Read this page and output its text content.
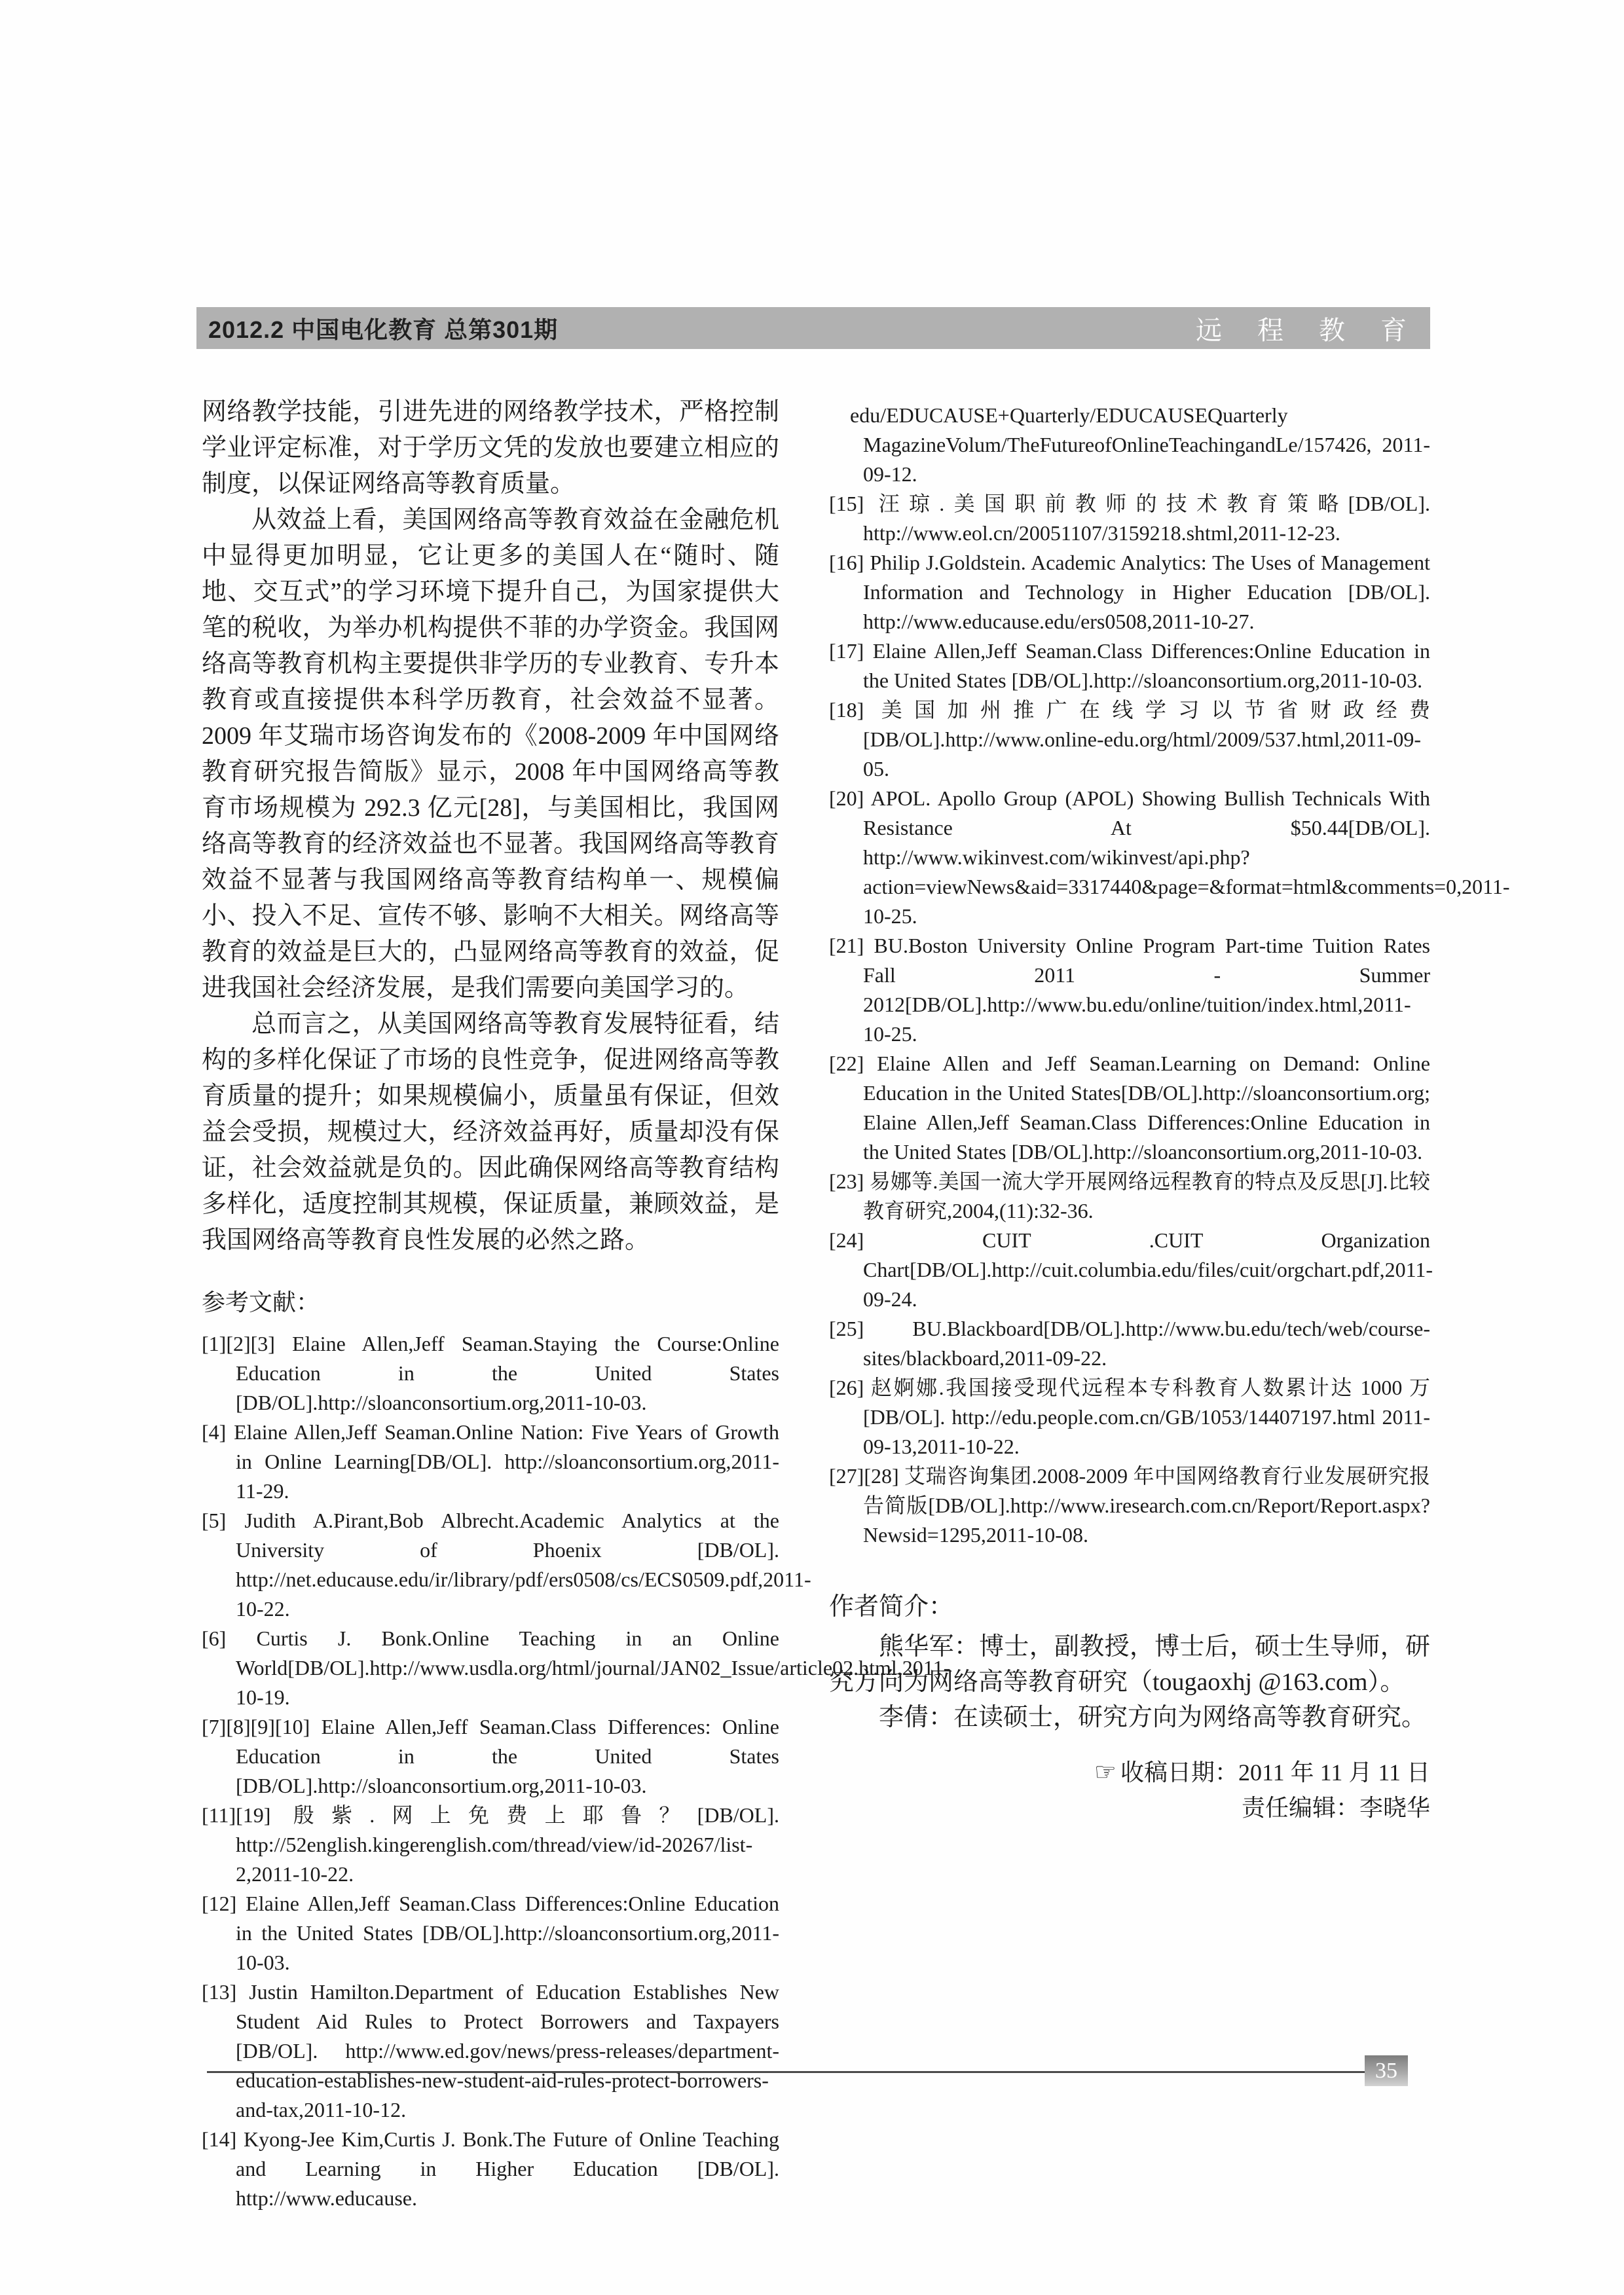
2012.2 中国电化教育 总第301期	远 程 教 育

网络教学技能，引进先进的网络教学技术，严格控制学业评定标准，对于学历文凭的发放也要建立相应的制度，以保证网络高等教育质量。

从效益上看，美国网络高等教育效益在金融危机中显得更加明显，它让更多的美国人在“随时、随地、交互式”的学习环境下提升自己，为国家提供大笔的税收，为举办机构提供不菲的办学资金。我国网络高等教育机构主要提供非学历的专业教育、专升本教育或直接提供本科学历教育，社会效益不显著。2009 年艾瑞市场咨询发布的《2008-2009 年中国网络教育研究报告简版》显示，2008 年中国网络高等教育市场规模为 292.3 亿元[28]，与美国相比，我国网络高等教育的经济效益也不显著。我国网络高等教育效益不显著与我国网络高等教育结构单一、规模偏小、投入不足、宣传不够、影响不大相关。网络高等教育的效益是巨大的，凸显网络高等教育的效益，促进我国社会经济发展，是我们需要向美国学习的。

总而言之，从美国网络高等教育发展特征看，结构的多样化保证了市场的良性竞争，促进网络高等教育质量的提升；如果规模偏小，质量虽有保证，但效益会受损，规模过大，经济效益再好，质量却没有保证，社会效益就是负的。因此确保网络高等教育结构多样化，适度控制其规模，保证质量，兼顾效益，是我国网络高等教育良性发展的必然之路。

参考文献：

[1][2][3] Elaine Allen,Jeff Seaman.Staying the Course:Online Education in the United States [DB/OL].http://sloanconsortium.org,2011-10-03.

[4] Elaine Allen,Jeff Seaman.Online Nation: Five Years of Growth in Online Learning[DB/OL]. http://sloanconsortium.org,2011-11-29.

[5] Judith A.Pirant,Bob Albrecht.Academic Analytics at the University of Phoenix [DB/OL]. http://net.educause.edu/ir/library/pdf/ers0508/cs/ECS0509.pdf,2011-10-22.

[6] Curtis J. Bonk.Online Teaching in an Online World[DB/OL].http://www.usdla.org/html/journal/JAN02_Issue/article02.html,2011-10-19.

[7][8][9][10] Elaine Allen,Jeff Seaman.Class Differences: Online Education in the United States [DB/OL].http://sloanconsortium.org,2011-10-03.

[11][19] 殷紫.网上免费上耶鲁？[DB/OL]. http://52english.kingerenglish.com/thread/view/id-20267/list-2,2011-10-22.

[12] Elaine Allen,Jeff Seaman.Class Differences:Online Education in the United States [DB/OL].http://sloanconsortium.org,2011-10-03.

[13] Justin Hamilton.Department of Education Establishes New Student Aid Rules to Protect Borrowers and Taxpayers [DB/OL]. http://www.ed.gov/news/press-releases/department-education-establishes-new-student-aid-rules-protect-borrowers-and-tax,2011-10-12.

[14] Kyong-Jee Kim,Curtis J. Bonk.The Future of Online Teaching and Learning in Higher Education [DB/OL]. http://www.educause.

edu/EDUCAUSE+Quarterly/EDUCAUSEQuarterly MagazineVolum/TheFutureofOnlineTeachingandLe/157426, 2011-09-12.

[15] 汪琼.美国职前教师的技术教育策略[DB/OL]. http://www.eol.cn/20051107/3159218.shtml,2011-12-23.

[16] Philip J.Goldstein. Academic Analytics: The Uses of Management Information and Technology in Higher Education [DB/OL]. http://www.educause.edu/ers0508,2011-10-27.

[17] Elaine Allen,Jeff Seaman.Class Differences:Online Education in the United States [DB/OL].http://sloanconsortium.org,2011-10-03.

[18] 美国加州推广在线学习以节省财政经费[DB/OL].http://www.online-edu.org/html/2009/537.html,2011-09-05.

[20] APOL. Apollo Group (APOL) Showing Bullish Technicals With Resistance At $50.44[DB/OL]. http://www.wikinvest.com/wikinvest/api.php?action=viewNews&aid=3317440&page=&format=html&comments=0,2011-10-25.

[21] BU.Boston University Online Program Part-time Tuition Rates Fall 2011 - Summer 2012[DB/OL].http://www.bu.edu/online/tuition/index.html,2011-10-25.

[22] Elaine Allen and Jeff Seaman.Learning on Demand: Online Education in the United States[DB/OL].http://sloanconsortium.org; Elaine Allen,Jeff Seaman.Class Differences:Online Education in the United States [DB/OL].http://sloanconsortium.org,2011-10-03.

[23] 易娜等.美国一流大学开展网络远程教育的特点及反思[J].比较教育研究,2004,(11):32-36.

[24] CUIT .CUIT Organization Chart[DB/OL].http://cuit.columbia.edu/files/cuit/orgchart.pdf,2011-09-24.

[25] BU.Blackboard[DB/OL].http://www.bu.edu/tech/web/course-sites/blackboard,2011-09-22.

[26] 赵婀娜.我国接受现代远程本专科教育人数累计达 1000 万[DB/OL]. http://edu.people.com.cn/GB/1053/14407197.html 2011-09-13,2011-10-22.

[27][28] 艾瑞咨询集团.2008-2009 年中国网络教育行业发展研究报告简版[DB/OL].http://www.iresearch.com.cn/Report/Report.aspx?Newsid=1295,2011-10-08.

作者简介：

熊华军：博士，副教授，博士后，硕士生导师，研究方向为网络高等教育研究（tougaoxhj @163.com）。

李倩：在读硕士，研究方向为网络高等教育研究。

☞ 收稿日期：2011 年 11 月 11 日

责任编辑：李晓华

35
